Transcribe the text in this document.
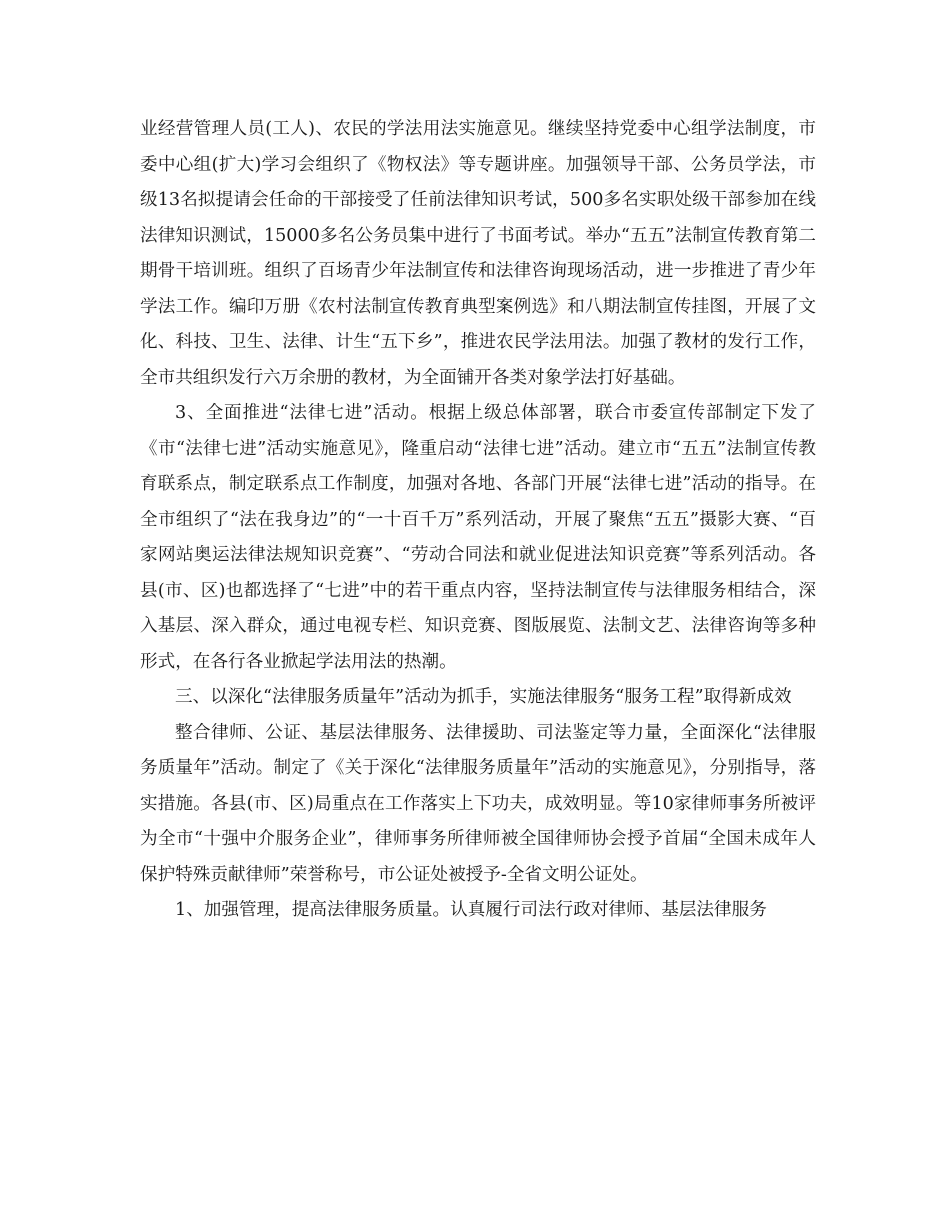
业经营管理人员(工人)、农民的学法用法实施意见。继续坚持党委中心组学法制度，市委中心组(扩大)学习会组织了《物权法》等专题讲座。加强领导干部、公务员学法，市级13名拟提请会任命的干部接受了任前法律知识考试，500多名实职处级干部参加在线法律知识测试，15000多名公务员集中进行了书面考试。举办“五五”法制宣传教育第二期骨干培训班。组织了百场青少年法制宣传和法律咨询现场活动，进一步推进了青少年学法工作。编印万册《农村法制宣传教育典型案例选》和八期法制宣传挂图，开展了文化、科技、卫生、法律、计生“五下乡”，推进农民学法用法。加强了教材的发行工作，全市共组织发行六万余册的教材，为全面铺开各类对象学法打好基础。

3、全面推进“法律七进”活动。根据上级总体部署，联合市委宣传部制定下发了《市“法律七进”活动实施意见》，隆重启动“法律七进”活动。建立市“五五”法制宣传教育联系点，制定联系点工作制度，加强对各地、各部门开展“法律七进”活动的指导。在全市组织了“法在我身边”的“一十百千万”系列活动，开展了聚焦“五五”摄影大赛、“百家网站奥运法律法规知识竞赛”、“劳动合同法和就业促进法知识竞赛”等系列活动。各县(市、区)也都选择了“七进”中的若干重点内容，坚持法制宣传与法律服务相结合，深入基层、深入群众，通过电视专栏、知识竞赛、图版展览、法制文艺、法律咨询等多种形式，在各行各业掀起学法用法的热潮。

三、以深化“法律服务质量年”活动为抓手，实施法律服务“服务工程”取得新成效

整合律师、公证、基层法律服务、法律援助、司法鉴定等力量，全面深化“法律服务质量年”活动。制定了《关于深化“法律服务质量年”活动的实施意见》，分别指导，落实措施。各县(市、区)局重点在工作落实上下功夫，成效明显。等10家律师事务所被评为全市“十强中介服务企业”，律师事务所律师被全国律师协会授予首届“全国未成年人保护特殊贡献律师”荣誉称号，市公证处被授予-全省文明公证处。

1、加强管理，提高法律服务质量。认真履行司法行政对律师、基层法律服务
